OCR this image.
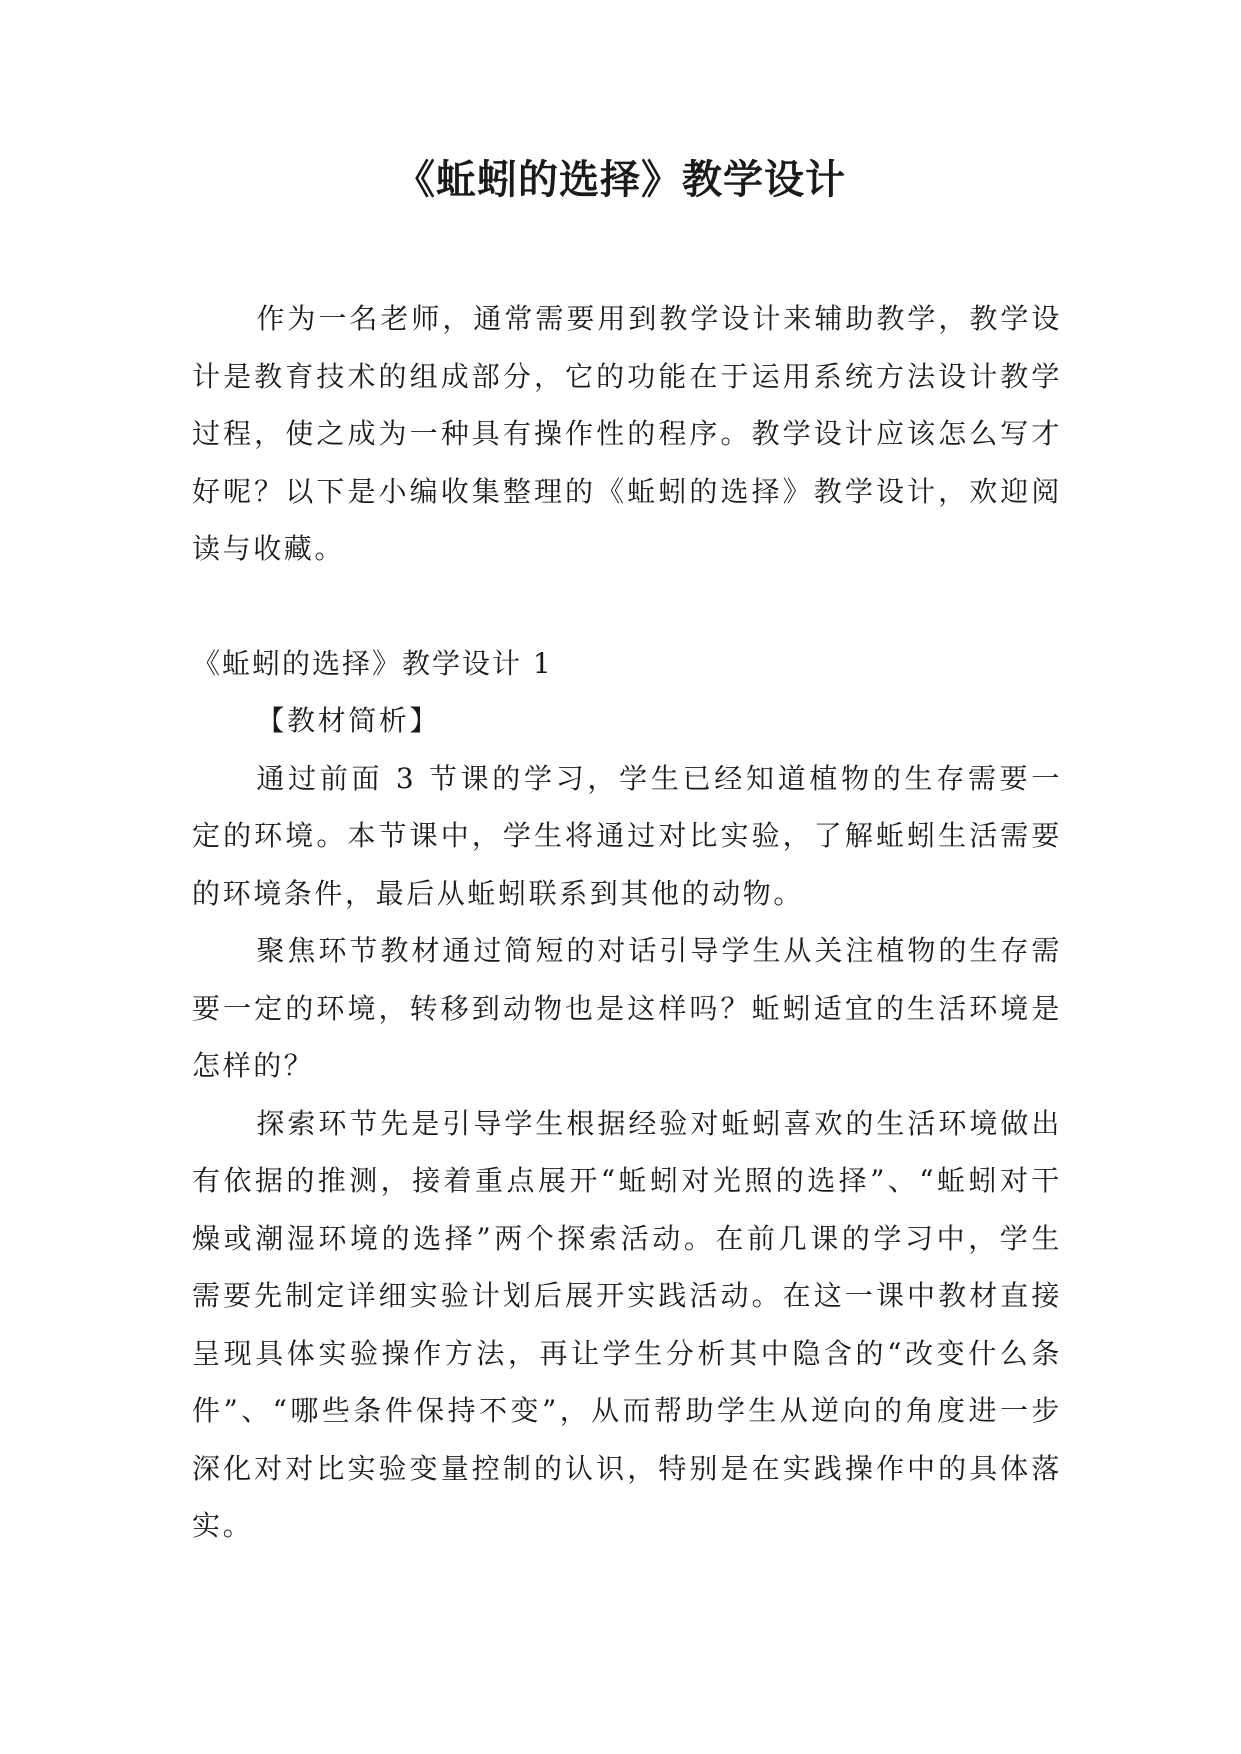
《蚯蚓的选择》教学设计

作为一名老师，通常需要用到教学设计来辅助教学，教学设计是教育技术的组成部分，它的功能在于运用系统方法设计教学过程，使之成为一种具有操作性的程序。教学设计应该怎么写才好呢？以下是小编收集整理的《蚯蚓的选择》教学设计，欢迎阅读与收藏。

《蚯蚓的选择》教学设计 1

【教材简析】

通过前面 3 节课的学习，学生已经知道植物的生存需要一定的环境。本节课中，学生将通过对比实验，了解蚯蚓生活需要的环境条件，最后从蚯蚓联系到其他的动物。

聚焦环节教材通过简短的对话引导学生从关注植物的生存需要一定的环境，转移到动物也是这样吗？蚯蚓适宜的生活环境是怎样的？

探索环节先是引导学生根据经验对蚯蚓喜欢的生活环境做出有依据的推测，接着重点展开“蚯蚓对光照的选择”、“蚯蚓对干燥或潮湿环境的选择”两个探索活动。在前几课的学习中，学生需要先制定详细实验计划后展开实践活动。在这一课中教材直接呈现具体实验操作方法，再让学生分析其中隐含的“改变什么条件”、“哪些条件保持不变”，从而帮助学生从逆向的角度进一步深化对对比实验变量控制的认识，特别是在实践操作中的具体落实。
